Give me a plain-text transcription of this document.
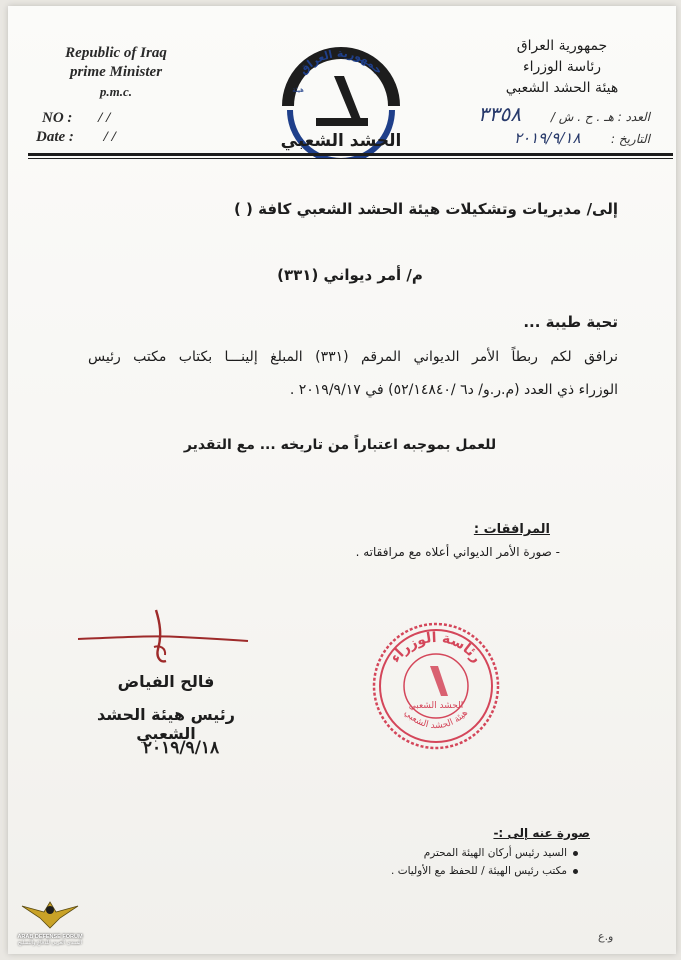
Republic of Iraq
prime Minister
p.m.c.
NO : / /
Date : / /
جمهورية العراق
الحشد الشعبي
هيئة
جمهورية العراق
رئاسة الوزراء
هيئة الحشد الشعبي
العدد : هـ . ح . ش /
٣٣٥٨
التاريخ :
٢٠١٩/٩/١٨
إلى/ مديريات وتشكيلات هيئة الحشد الشعبي كافة ( )
م/ أمر ديواني (٣٣١)
تحية طيبة ...
نرافق لكم ربطاً الأمر الديواني المرقم (٣٣١) المبلغ إلينـــا بكتاب مكتب رئيس
الوزراء ذي العدد (م.ر.و/ د٦ /٥٢/١٤٨٤٠) في ٢٠١٩/٩/١٧ .
للعمل بموجبه اعتباراً من تاريخه ... مع التقدير
المرافقات :
- صورة الأمر الديواني أعلاه مع مرافقاته .
فالح الفياض
رئيس هيئة الحشد الشعبي
٢٠١٩/٩/١٨
رئاسة الوزراء
هيئة الحشد الشعبي
الحشد الشعبي
صورة عنه إلى :-
السيد رئيس أركان الهيئة المحترم
مكتب رئيس الهيئة / للحفظ مع الأوليات .
و.ع
ARAB DEFENSE FORUM
المنتدى العربي للدفاع والتسليح
